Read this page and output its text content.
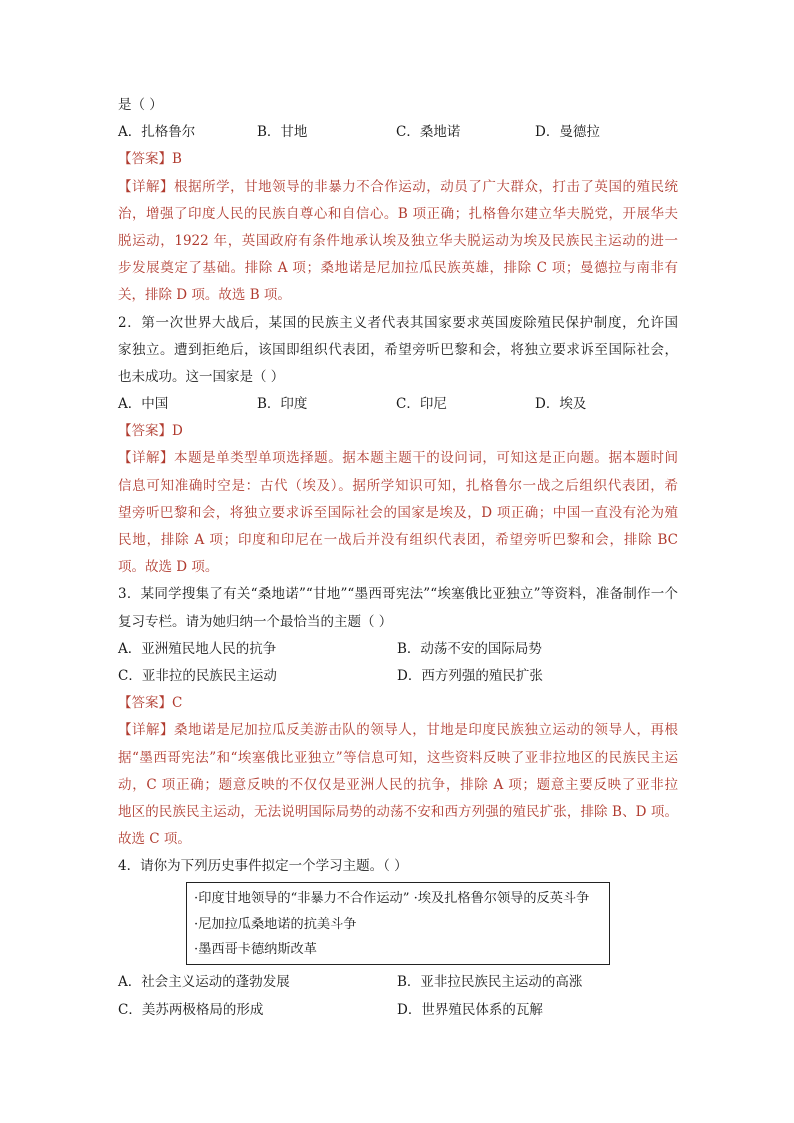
是（ ）
A．扎格鲁尔	B．甘地	C．桑地诺	D．曼德拉
【答案】B
【详解】根据所学，甘地领导的非暴力不合作运动，动员了广大群众，打击了英国的殖民统
治，增强了印度人民的民族自尊心和自信心。B 项正确；扎格鲁尔建立华夫脱党，开展华夫
脱运动，1922 年，英国政府有条件地承认埃及独立华夫脱运动为埃及民族民主运动的进一
步发展奠定了基础。排除 A 项；桑地诺是尼加拉瓜民族英雄，排除 C 项；曼德拉与南非有
关，排除 D 项。故选 B 项。
2．第一次世界大战后，某国的民族主义者代表其国家要求英国废除殖民保护制度，允许国
家独立。遭到拒绝后，该国即组织代表团，希望旁听巴黎和会，将独立要求诉至国际社会，
也未成功。这一国家是（ ）
A．中国	B．印度	C．印尼	D．埃及
【答案】D
【详解】本题是单类型单项选择题。据本题主题干的设问词，可知这是正向题。据本题时间
信息可知准确时空是：古代（埃及）。据所学知识可知，扎格鲁尔一战之后组织代表团，希
望旁听巴黎和会，将独立要求诉至国际社会的国家是埃及，D 项正确；中国一直没有沦为殖
民地，排除 A 项；印度和印尼在一战后并没有组织代表团，希望旁听巴黎和会，排除 BC
项。故选 D 项。
3．某同学搜集了有关“桑地诺”“甘地”“墨西哥宪法”“埃塞俄比亚独立”等资料，准备制作一个
复习专栏。请为她归纳一个最恰当的主题（ ）
A．亚洲殖民地人民的抗争	B．动荡不安的国际局势
C．亚非拉的民族民主运动	D．西方列强的殖民扩张
【答案】C
【详解】桑地诺是尼加拉瓜反美游击队的领导人，甘地是印度民族独立运动的领导人，再根
据“墨西哥宪法”和“埃塞俄比亚独立”等信息可知，这些资料反映了亚非拉地区的民族民主运
动，C 项正确；题意反映的不仅仅是亚洲人民的抗争，排除 A 项；题意主要反映了亚非拉
地区的民族民主运动，无法说明国际局势的动荡不安和西方列强的殖民扩张，排除 B、D 项。
故选 C 项。
4．请你为下列历史事件拟定一个学习主题。（ ）
·印度甘地领导的“非暴力不合作运动” ·埃及扎格鲁尔领导的反英斗争
·尼加拉瓜桑地诺的抗美斗争
·墨西哥卡德纳斯改革
A．社会主义运动的蓬勃发展	B．亚非拉民族民主运动的高涨
C．美苏两极格局的形成	D．世界殖民体系的瓦解
